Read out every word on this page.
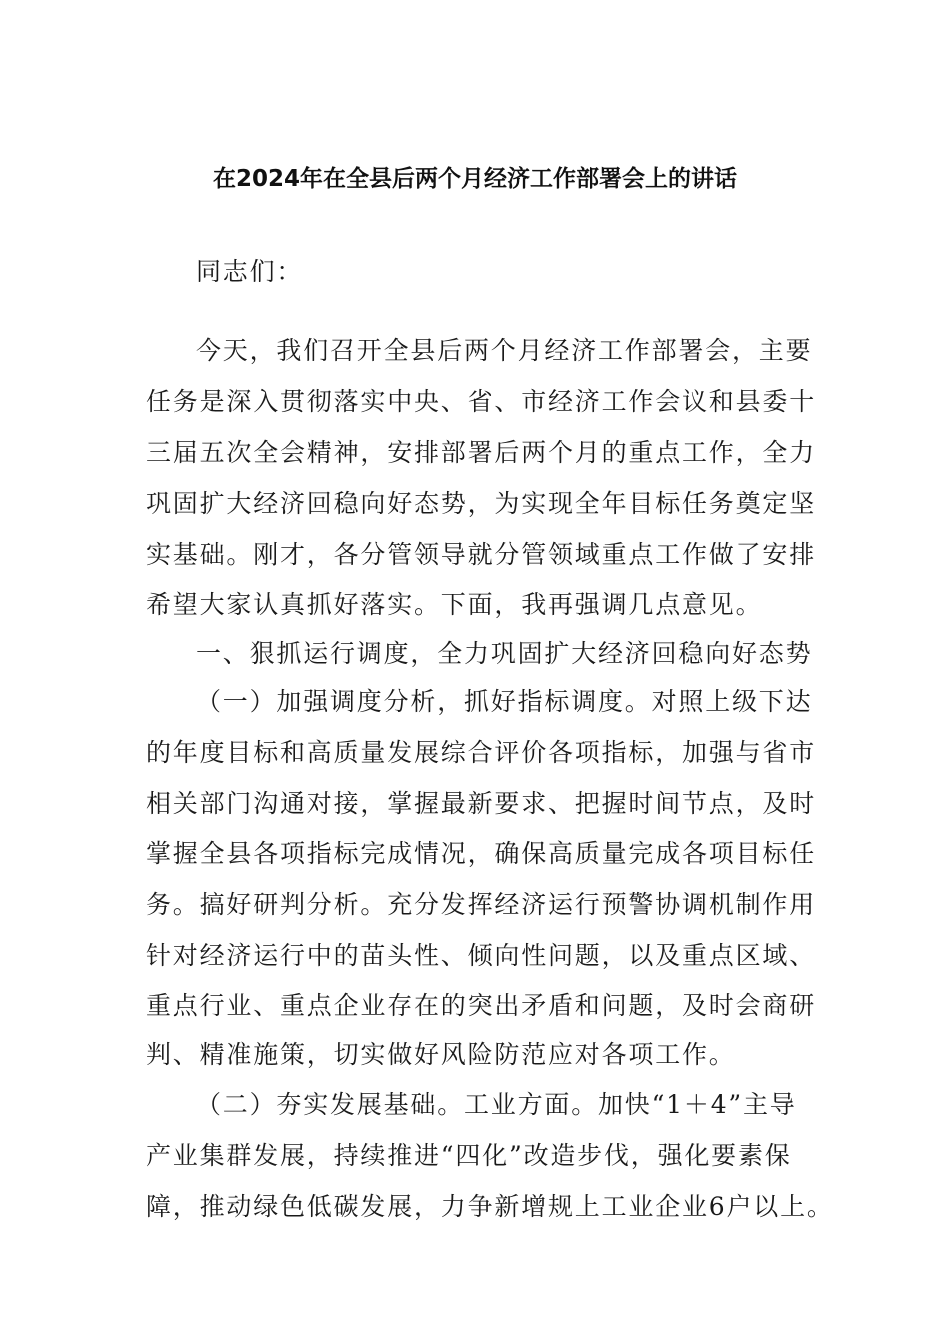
在2024年在全县后两个月经济工作部署会上的讲话
同志们：
今天，我们召开全县后两个月经济工作部署会，主要
任务是深入贯彻落实中央、省、市经济工作会议和县委十
三届五次全会精神，安排部署后两个月的重点工作，全力
巩固扩大经济回稳向好态势，为实现全年目标任务奠定坚
实基础。刚才，各分管领导就分管领域重点工作做了安排
希望大家认真抓好落实。下面，我再强调几点意见。
一、狠抓运行调度，全力巩固扩大经济回稳向好态势
（一）加强调度分析，抓好指标调度。对照上级下达
的年度目标和高质量发展综合评价各项指标，加强与省市
相关部门沟通对接，掌握最新要求、把握时间节点，及时
掌握全县各项指标完成情况，确保高质量完成各项目标任
务。搞好研判分析。充分发挥经济运行预警协调机制作用
针对经济运行中的苗头性、倾向性问题，以及重点区域、
重点行业、重点企业存在的突出矛盾和问题，及时会商研
判、精准施策，切实做好风险防范应对各项工作。
（二）夯实发展基础。工业方面。加快“1＋4”主导
产业集群发展，持续推进“四化”改造步伐，强化要素保
障，推动绿色低碳发展，力争新增规上工业企业6户以上。
